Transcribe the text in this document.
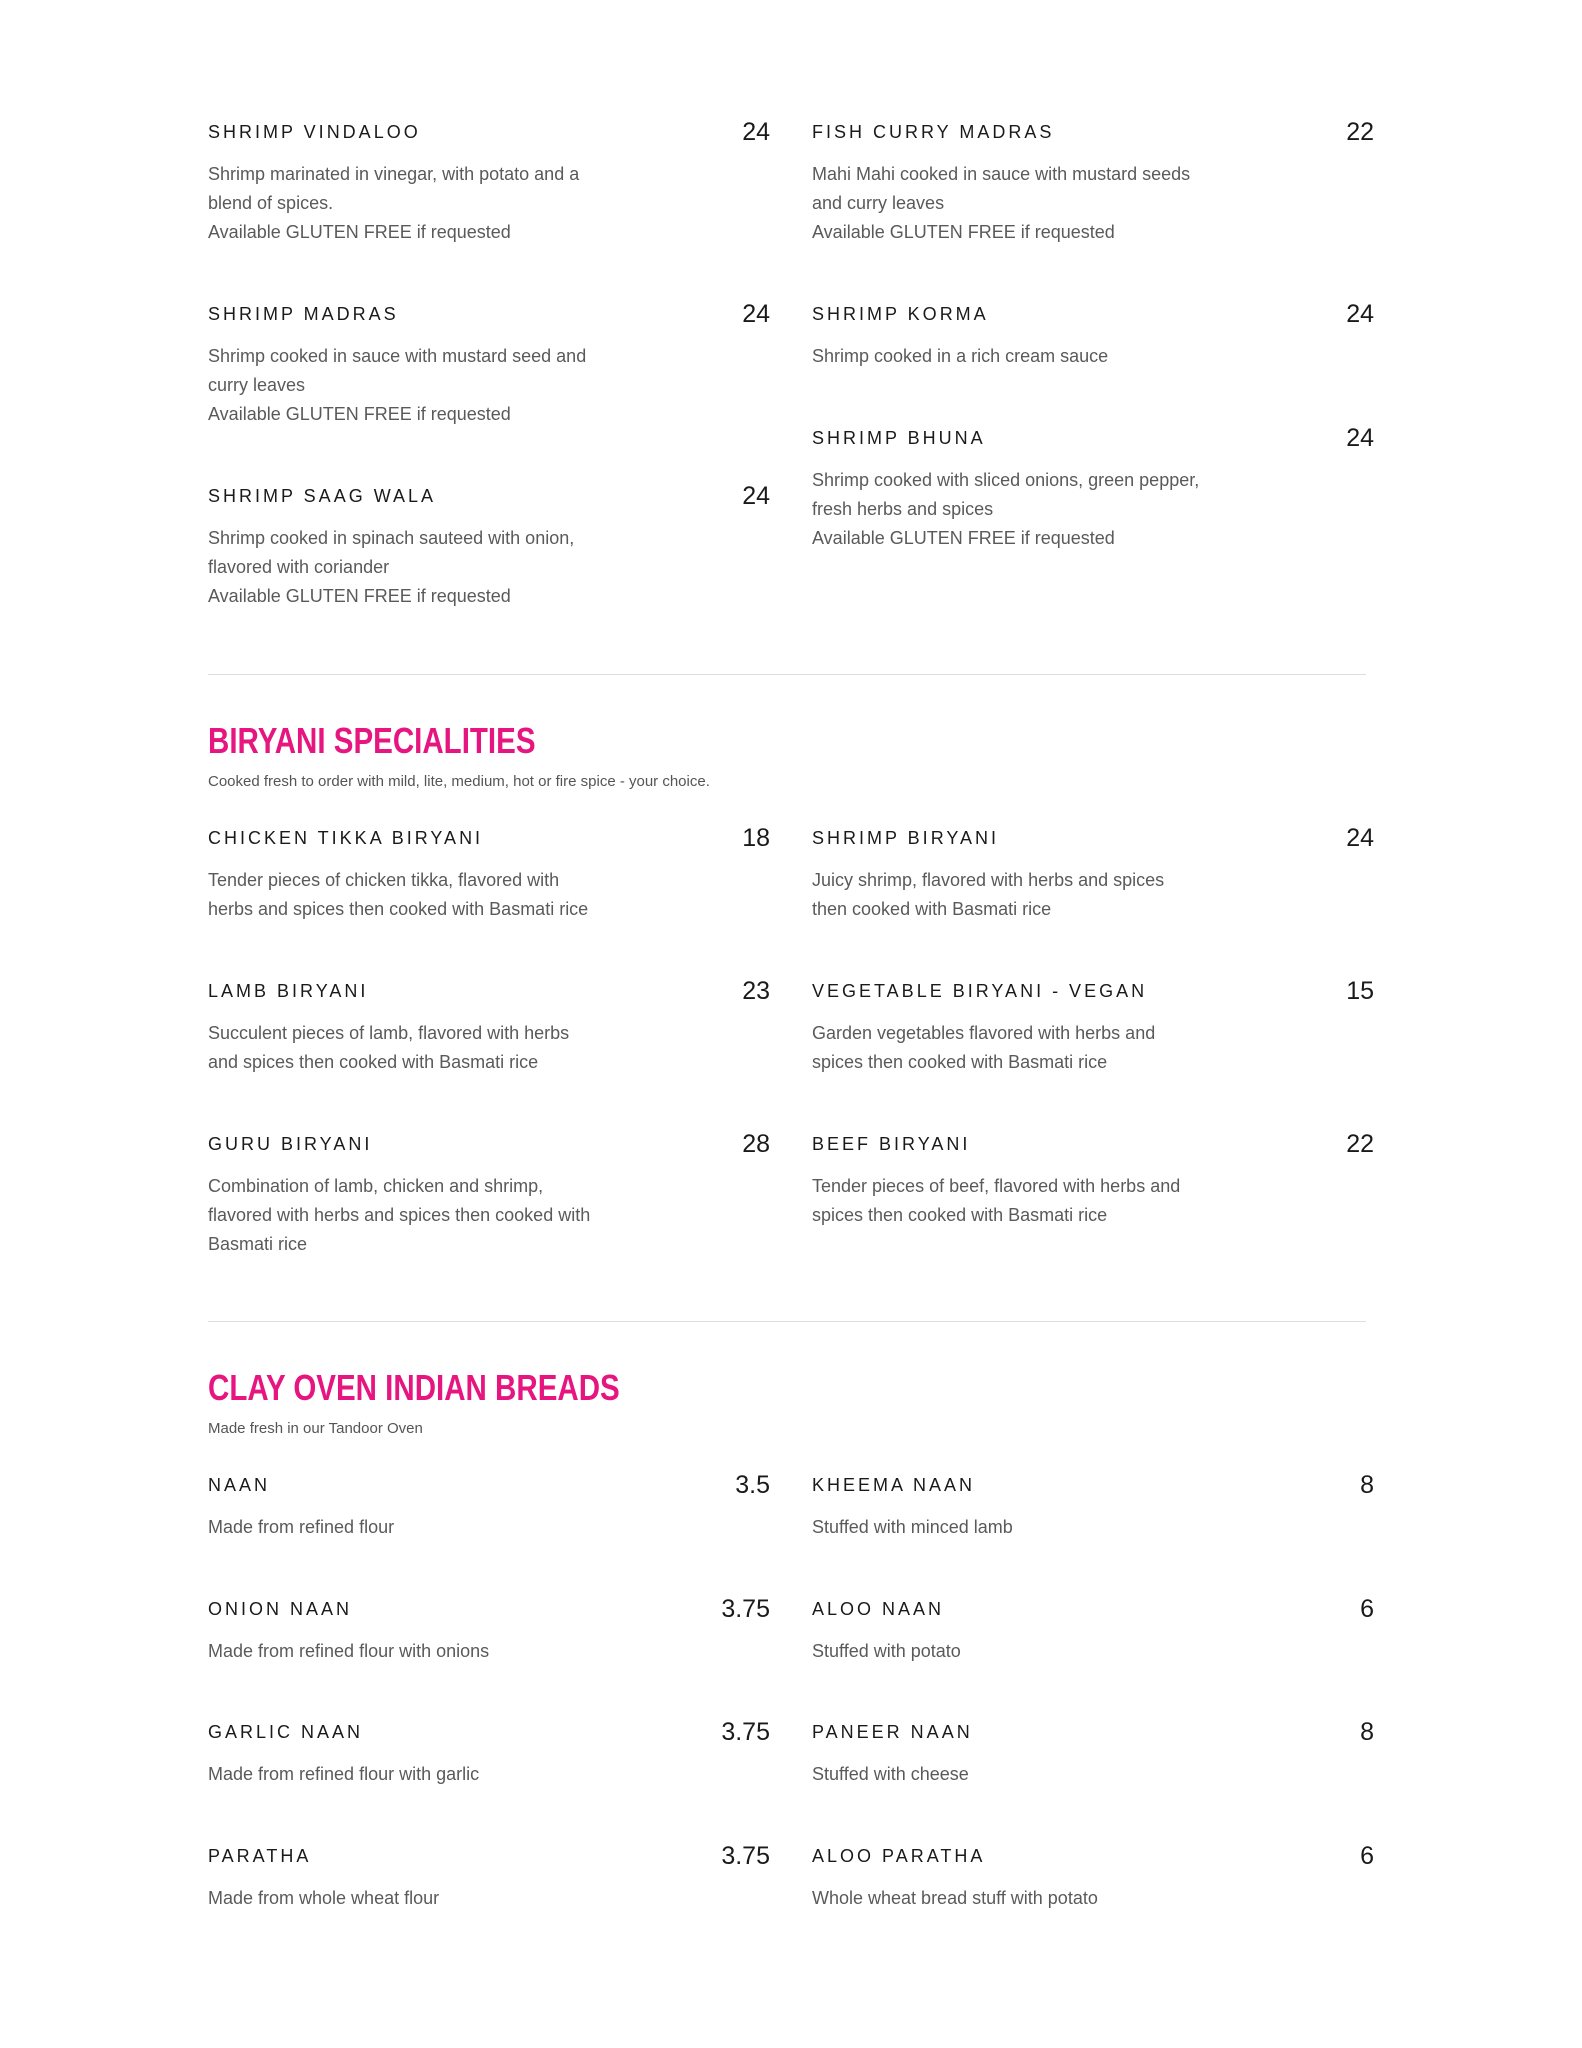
SHRIMP VINDALOO	24
Shrimp marinated in vinegar, with potato and a
blend of spices.
Available GLUTEN FREE if requested
SHRIMP MADRAS	24
Shrimp cooked in sauce with mustard seed and
curry leaves
Available GLUTEN FREE if requested
SHRIMP SAAG WALA	24
Shrimp cooked in spinach sauteed with onion,
flavored with coriander
Available GLUTEN FREE if requested
FISH CURRY MADRAS	22
Mahi Mahi cooked in sauce with mustard seeds
and curry leaves
Available GLUTEN FREE if requested
SHRIMP KORMA	24
Shrimp cooked in a rich cream sauce
SHRIMP BHUNA	24
Shrimp cooked with sliced onions, green pepper,
fresh herbs and spices
Available GLUTEN FREE if requested
BIRYANI SPECIALITIES
Cooked fresh to order with mild, lite, medium, hot or fire spice - your choice.
CHICKEN TIKKA BIRYANI	18
Tender pieces of chicken tikka, flavored with
herbs and spices then cooked with Basmati rice
LAMB BIRYANI	23
Succulent pieces of lamb, flavored with herbs
and spices then cooked with Basmati rice
GURU BIRYANI	28
Combination of lamb, chicken and shrimp,
flavored with herbs and spices then cooked with
Basmati rice
SHRIMP BIRYANI	24
Juicy shrimp, flavored with herbs and spices
then cooked with Basmati rice
VEGETABLE BIRYANI - VEGAN	15
Garden vegetables flavored with herbs and
spices then cooked with Basmati rice
BEEF BIRYANI	22
Tender pieces of beef, flavored with herbs and
spices then cooked with Basmati rice
CLAY OVEN INDIAN BREADS
Made fresh in our Tandoor Oven
NAAN	3.5
Made from refined flour
ONION NAAN	3.75
Made from refined flour with onions
GARLIC NAAN	3.75
Made from refined flour with garlic
PARATHA	3.75
Made from whole wheat flour
KHEEMA NAAN	8
Stuffed with minced lamb
ALOO NAAN	6
Stuffed with potato
PANEER NAAN	8
Stuffed with cheese
ALOO PARATHA	6
Whole wheat bread stuff with potato
